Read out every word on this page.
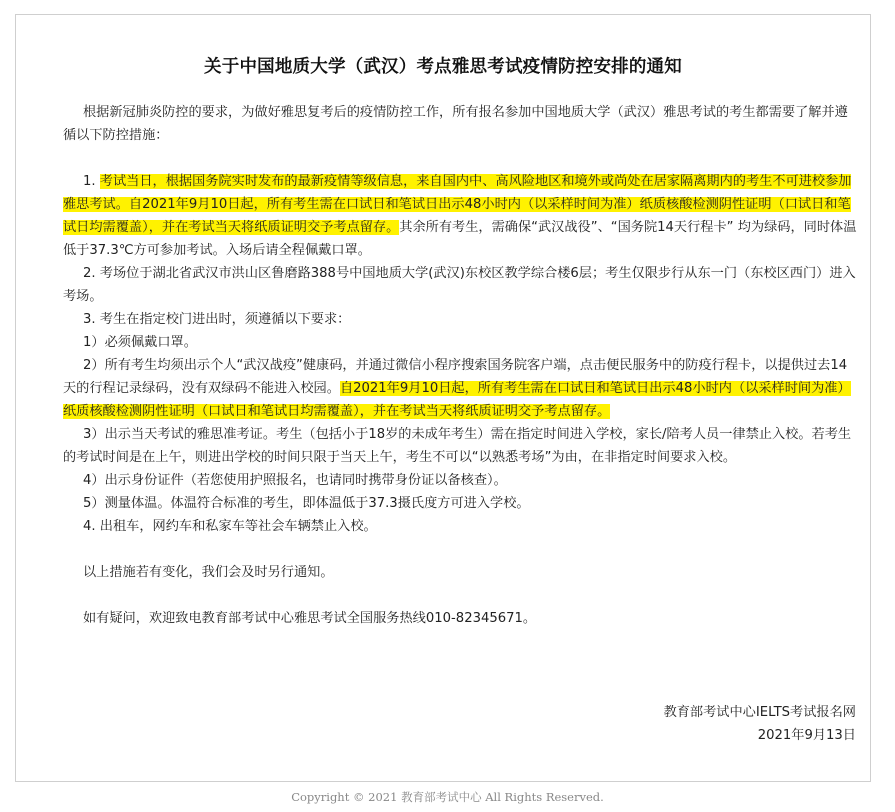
关于中国地质大学（武汉）考点雅思考试疫情防控安排的通知

根据新冠肺炎防控的要求，为做好雅思复考后的疫情防控工作，所有报名参加中国地质大学（武汉）雅思考试的考生都需要了解并遵循以下防控措施：

1. 考试当日，根据国务院实时发布的最新疫情等级信息，来自国内中、高风险地区和境外或尚处在居家隔离期内的考生不可进校参加雅思考试。自2021年9月10日起，所有考生需在口试日和笔试日出示48小时内（以采样时间为准）纸质核酸检测阴性证明（口试日和笔试日均需覆盖），并在考试当天将纸质证明交予考点留存。其余所有考生，需确保“武汉战役”、“国务院14天行程卡” 均为绿码，同时体温低于37.3℃方可参加考试。入场后请全程佩戴口罩。

2. 考场位于湖北省武汉市洪山区鲁磨路388号中国地质大学(武汉)东校区教学综合楼6层；考生仅限步行从东一门（东校区西门）进入考场。

3. 考生在指定校门进出时，须遵循以下要求：

1）必须佩戴口罩。

2）所有考生均须出示个人“武汉战疫”健康码，并通过微信小程序搜索国务院客户端，点击便民服务中的防疫行程卡，以提供过去14天的行程记录绿码，没有双绿码不能进入校园。自2021年9月10日起，所有考生需在口试日和笔试日出示48小时内（以采样时间为准）纸质核酸检测阴性证明（口试日和笔试日均需覆盖），并在考试当天将纸质证明交予考点留存。

3）出示当天考试的雅思准考证。考生（包括小于18岁的未成年考生）需在指定时间进入学校，家长/陪考人员一律禁止入校。若考生的考试时间是在上午，则进出学校的时间只限于当天上午，考生不可以“以熟悉考场”为由，在非指定时间要求入校。

4）出示身份证件（若您使用护照报名，也请同时携带身份证以备核查）。

5）测量体温。体温符合标准的考生，即体温低于37.3摄氏度方可进入学校。

4. 出租车，网约车和私家车等社会车辆禁止入校。

以上措施若有变化，我们会及时另行通知。

如有疑问，欢迎致电教育部考试中心雅思考试全国服务热线010-82345671。

教育部考试中心IELTS考试报名网
2021年9月13日
Copyright © 2021 教育部考试中心 All Rights Reserved.
